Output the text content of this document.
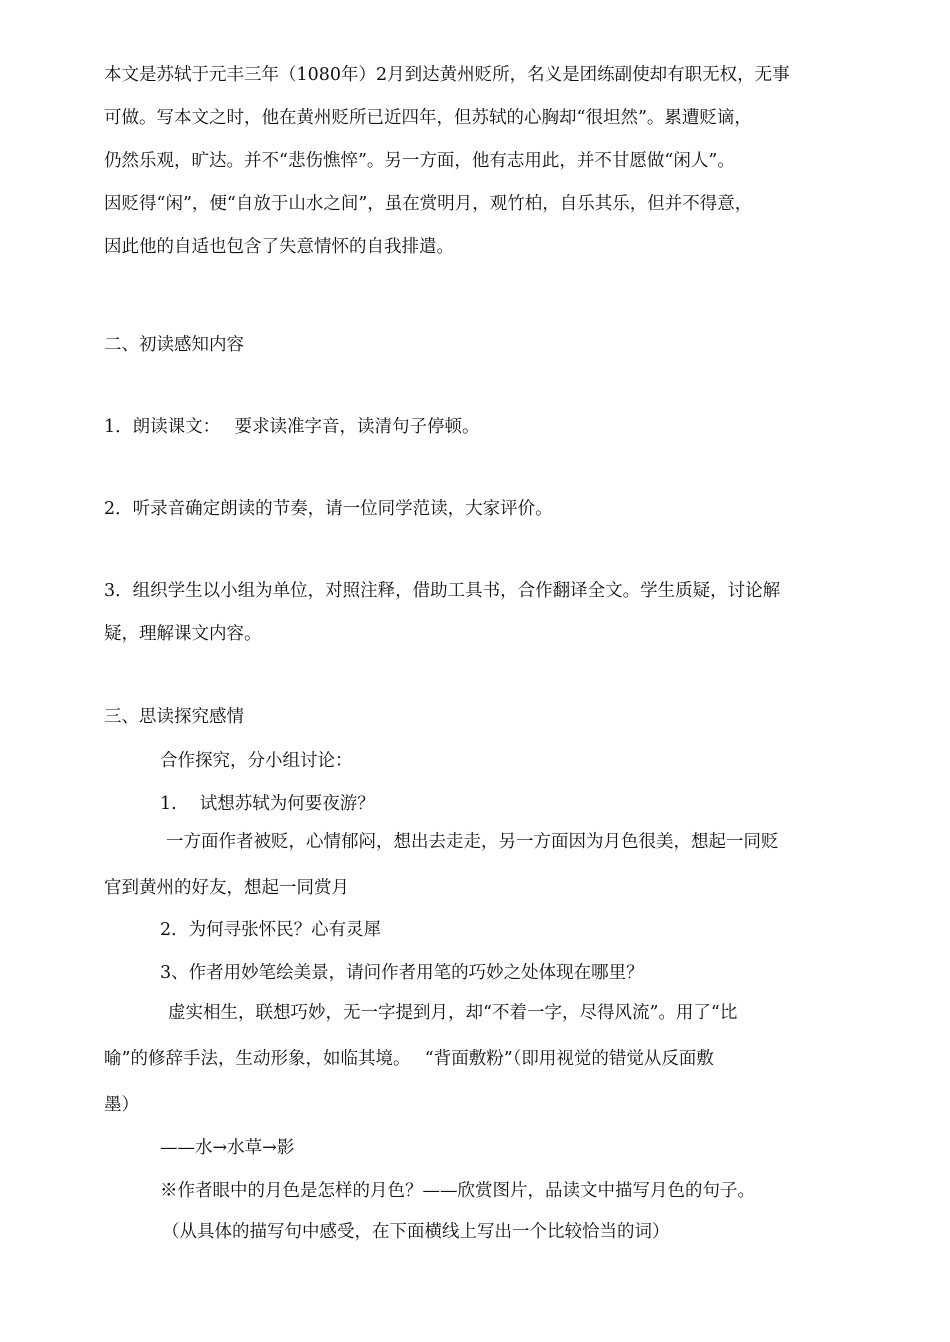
本文是苏轼于元丰三年（1080年）2月到达黄州贬所，名义是团练副使却有职无权，无事
可做。写本文之时，他在黄州贬所已近四年，但苏轼的心胸却“很坦然”。累遭贬谪，
仍然乐观，旷达。并不“悲伤憔悴”。另一方面，他有志用此，并不甘愿做“闲人”。
因贬得“闲”，便“自放于山水之间”，虽在赏明月，观竹柏，自乐其乐，但并不得意，
因此他的自适也包含了失意情怀的自我排遣。
二、初读感知内容
1．朗读课文：　 要求读准字音，读清句子停顿。
2．听录音确定朗读的节奏，请一位同学范读，大家评价。
3．组织学生以小组为单位，对照注释，借助工具书，合作翻译全文。学生质疑，讨论解
疑，理解课文内容。
三、思读探究感情
合作探究，分小组讨论：
1.　 试想苏轼为何要夜游？
一方面作者被贬，心情郁闷，想出去走走，另一方面因为月色很美，想起一同贬
官到黄州的好友，想起一同赏月
2．为何寻张怀民？心有灵犀
3、作者用妙笔绘美景，请问作者用笔的巧妙之处体现在哪里？
虚实相生，联想巧妙，无一字提到月，却“不着一字，尽得风流”。用了“比
喻”的修辞手法，生动形象，如临其境。　 “背面敷粉”（即用视觉的错觉从反面敷
墨）
——水→水草→影
※作者眼中的月色是怎样的月色？——欣赏图片，品读文中描写月色的句子。
（从具体的描写句中感受，在下面横线上写出一个比较恰当的词）
